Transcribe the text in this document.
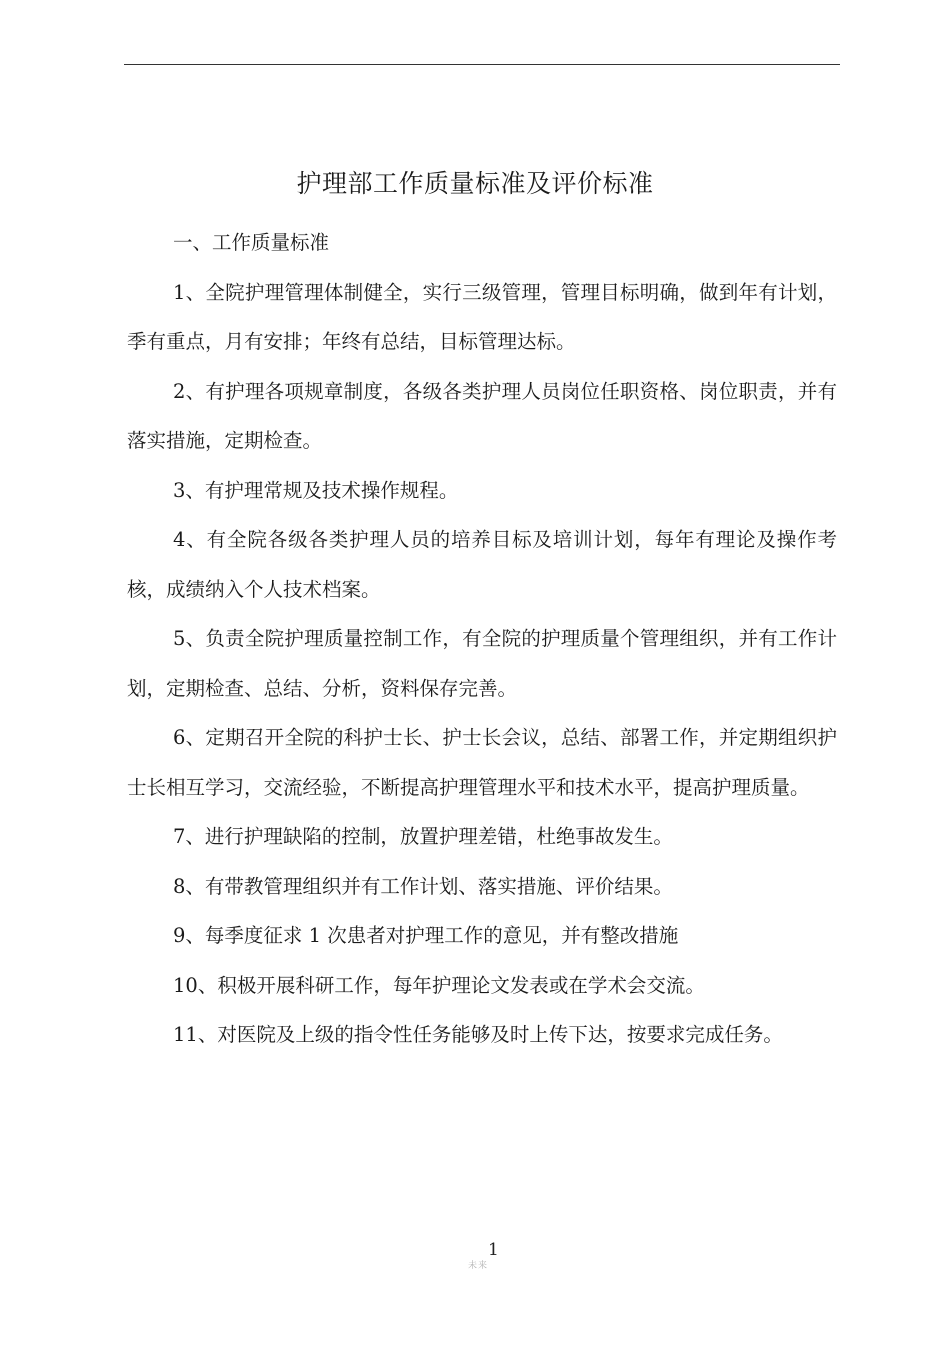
护理部工作质量标准及评价标准

一、工作质量标准

1、全院护理管理体制健全，实行三级管理，管理目标明确，做到年有计划，季有重点，月有安排；年终有总结，目标管理达标。

2、有护理各项规章制度，各级各类护理人员岗位任职资格、岗位职责，并有落实措施，定期检查。

3、有护理常规及技术操作规程。

4、有全院各级各类护理人员的培养目标及培训计划，每年有理论及操作考核，成绩纳入个人技术档案。

5、负责全院护理质量控制工作，有全院的护理质量个管理组织，并有工作计划，定期检查、总结、分析，资料保存完善。

6、定期召开全院的科护士长、护士长会议，总结、部署工作，并定期组织护士长相互学习，交流经验，不断提高护理管理水平和技术水平，提高护理质量。

7、进行护理缺陷的控制，放置护理差错，杜绝事故发生。

8、有带教管理组织并有工作计划、落实措施、评价结果。

9、每季度征求 1 次患者对护理工作的意见，并有整改措施

10、积极开展科研工作，每年护理论文发表或在学术会交流。

11、对医院及上级的指令性任务能够及时上传下达，按要求完成任务。

未来
1
